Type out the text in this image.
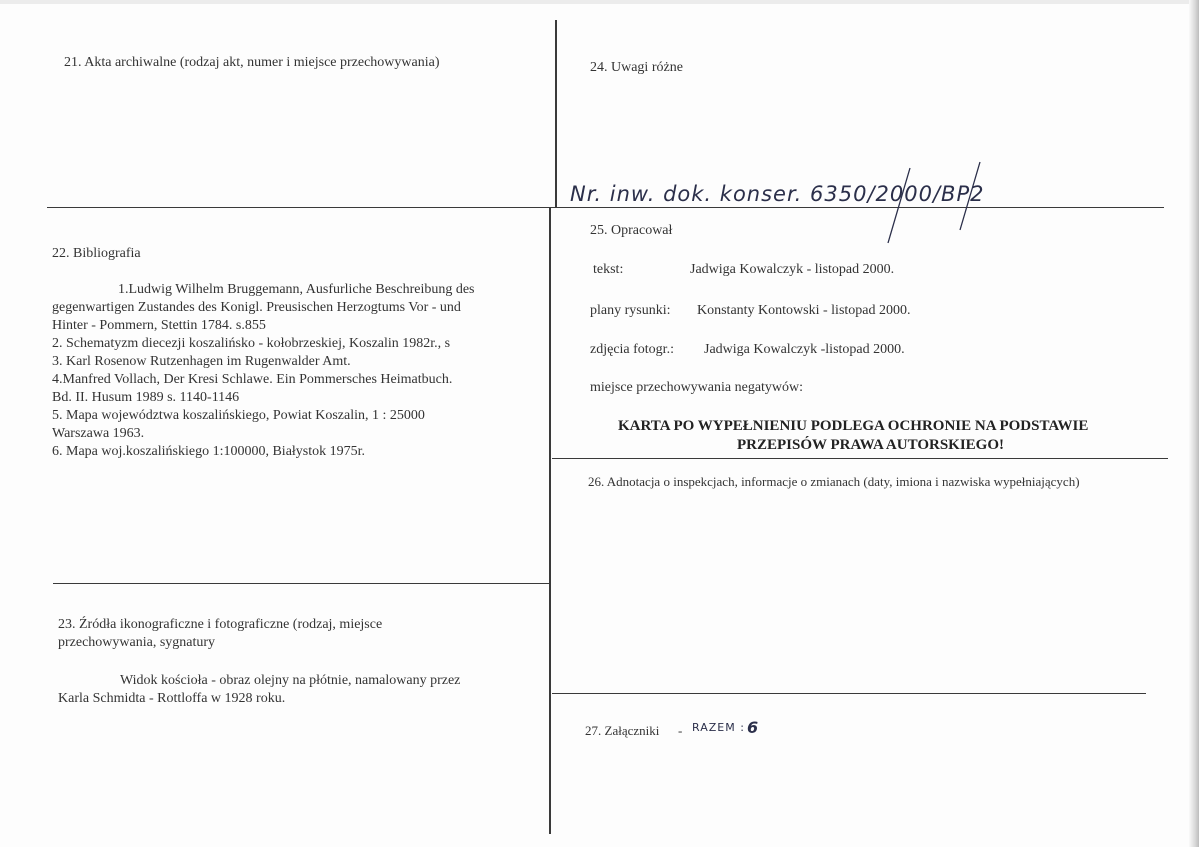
21. Akta archiwalne (rodzaj akt, numer i miejsce przechowywania)
22. Bibliografia
1.Ludwig Wilhelm Bruggemann, Ausfurliche Beschreibung des
gegenwartigen Zustandes des Konigl. Preusischen Herzogtums Vor - und
Hinter - Pommern, Stettin 1784. s.855
2. Schematyzm diecezji koszalińsko - kołobrzeskiej, Koszalin 1982r., s
3. Karl Rosenow Rutzenhagen im Rugenwalder Amt.
4.Manfred Vollach, Der Kresi Schlawe. Ein Pommersches Heimatbuch.
Bd. II. Husum 1989 s. 1140-1146
5. Mapa województwa koszalińskiego, Powiat Koszalin, 1 : 25000
Warszawa 1963.
6. Mapa woj.koszalińskiego 1:100000, Białystok 1975r.
23. Źródła ikonograficzne i fotograficzne (rodzaj, miejsce
przechowywania, sygnatury
Widok kościoła - obraz olejny na płótnie, namalowany przez
Karla Schmidta - Rottloffa w 1928 roku.
24. Uwagi różne
Nr. inw. dok. konser. 6350/2000/BP2
25. Opracował
tekst:	Jadwiga Kowalczyk - listopad 2000.
plany rysunki: Konstanty Kontowski - listopad 2000.
zdjęcia fotogr.: Jadwiga Kowalczyk -listopad 2000.
miejsce przechowywania negatywów:
KARTA PO WYPEŁNIENIU PODLEGA OCHRONIE NA PODSTAWIE
PRZEPISÓW PRAWA AUTORSKIEGO!
26. Adnotacja o inspekcjach, informacje o zmianach (daty, imiona i nazwiska wypełniających)
27. Załączniki - RAZEM : 6
